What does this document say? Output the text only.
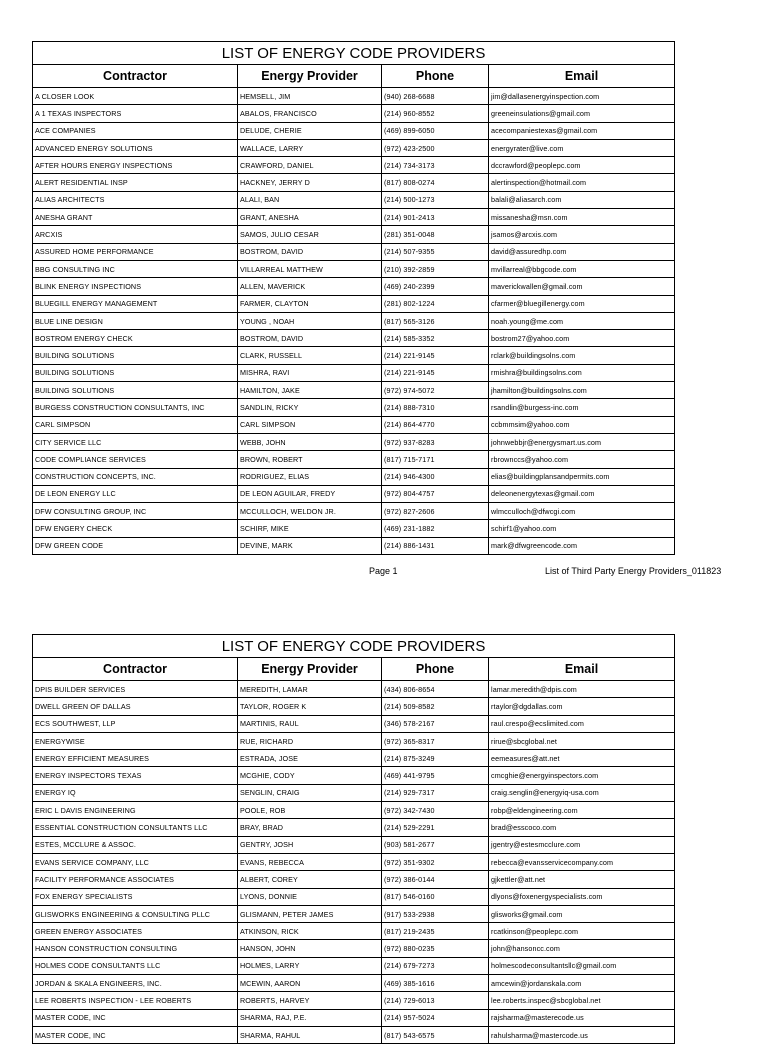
LIST OF ENERGY CODE PROVIDERS			
Contractor	Energy Provider	Phone	Email
A CLOSER LOOK	HEMSELL, JIM	(940) 268-6688	jim@dallasenergyinspection.com
A 1 TEXAS INSPECTORS	ABALOS, FRANCISCO	(214) 960-8552	greeneinsulations@gmail.com
ACE COMPANIES	DELUDE, CHERIE	(469) 899-6050	acecompaniestexas@gmail.com
ADVANCED ENERGY SOLUTIONS	WALLACE, LARRY	(972) 423-2500	energyrater@live.com
AFTER HOURS ENERGY INSPECTIONS	CRAWFORD, DANIEL	(214) 734-3173	dccrawford@peoplepc.com
ALERT RESIDENTIAL INSP	HACKNEY, JERRY D	(817) 808-0274	alertinspection@hotmail.com
ALIAS ARCHITECTS	ALALI, BAN	(214) 500-1273	balali@aliasarch.com
ANESHA GRANT	GRANT, ANESHA	(214) 901-2413	missanesha@msn.com
ARCXIS	SAMOS, JULIO CESAR	(281) 351-0048	jsamos@arcxis.com
ASSURED HOME PERFORMANCE	BOSTROM, DAVID	(214) 507-9355	david@assuredhp.com
BBG CONSULTING INC	VILLARREAL MATTHEW	(210) 392-2859	mvillarreal@bbgcode.com
BLINK ENERGY INSPECTIONS	ALLEN, MAVERICK	(469) 240-2399	maverickwallen@gmail.com
BLUEGILL ENERGY MANAGEMENT	FARMER, CLAYTON	(281) 802-1224	cfarmer@bluegillenergy.com
BLUE LINE DESIGN	YOUNG , NOAH	(817) 565-3126	noah.young@me.com
BOSTROM ENERGY CHECK	BOSTROM, DAVID	(214) 585-3352	bostrom27@yahoo.com
BUILDING SOLUTIONS	CLARK, RUSSELL	(214) 221-9145	rclark@buildingsolns.com
BUILDING SOLUTIONS	MISHRA, RAVI	(214) 221-9145	rmishra@buildingsolns.com
BUILDING SOLUTIONS	HAMILTON, JAKE	(972) 974-5072	jhamilton@buildingsolns.com
BURGESS CONSTRUCTION CONSULTANTS, INC	SANDLIN, RICKY	(214) 888-7310	rsandlin@burgess-inc.com
CARL SIMPSON	CARL SIMPSON	(214) 864-4770	ccbmmsim@yahoo.com
CITY SERVICE LLC	WEBB, JOHN	(972) 937-8283	johnwebbjr@energysmart.us.com
CODE COMPLIANCE SERVICES	BROWN, ROBERT	(817) 715-7171	rbrownccs@yahoo.com
CONSTRUCTION CONCEPTS, INC.	RODRIGUEZ, ELIAS	(214) 946-4300	elias@buildingplansandpermits.com
DE LEON ENERGY LLC	DE LEON AGUILAR, FREDY	(972) 804-4757	deleonenergytexas@gmail.com
DFW CONSULTING GROUP, INC	MCCULLOCH, WELDON JR.	(972) 827-2606	wlmcculloch@dfwcgi.com
DFW ENGERY CHECK	SCHIRF, MIKE	(469) 231-1882	schirf1@yahoo.com
DFW GREEN CODE	DEVINE, MARK	(214) 886-1431	mark@dfwgreencode.com
Page 1	List of Third Party Energy Providers_011823
LIST OF ENERGY CODE PROVIDERS			
Contractor	Energy Provider	Phone	Email
DPIS BUILDER SERVICES	MEREDITH, LAMAR	(434) 806-8654	lamar.meredith@dpis.com
DWELL GREEN OF DALLAS	TAYLOR, ROGER K	(214) 509-8582	rtaylor@dgdallas.com
ECS SOUTHWEST, LLP	MARTINIS, RAUL	(346) 578-2167	raul.crespo@ecslimited.com
ENERGYWISE	RUE, RICHARD	(972) 365-8317	rirue@sbcglobal.net
ENERGY EFFICIENT MEASURES	ESTRADA, JOSE	(214) 875-3249	eemeasures@att.net
ENERGY INSPECTORS TEXAS	MCGHIE, CODY	(469) 441-9795	cmcghie@energyinspectors.com
ENERGY IQ	SENGLIN, CRAIG	(214) 929-7317	craig.senglin@energyiq-usa.com
ERIC L DAVIS ENGINEERING	POOLE, ROB	(972) 342-7430	robp@eldengineering.com
ESSENTIAL CONSTRUCTION CONSULTANTS LLC	BRAY, BRAD	(214) 529-2291	brad@esscoco.com
ESTES, MCCLURE & ASSOC.	GENTRY, JOSH	(903) 581-2677	jgentry@estesmcclure.com
EVANS SERVICE COMPANY, LLC	EVANS, REBECCA	(972) 351-9302	rebecca@evansservicecompany.com
FACILITY PERFORMANCE ASSOCIATES	ALBERT, COREY	(972) 386-0144	gjkettler@att.net
FOX ENERGY SPECIALISTS	LYONS, DONNIE	(817) 546-0160	dlyons@foxenergyspecialists.com
GLISWORKS ENGINEERING & CONSULTING PLLC	GLISMANN, PETER JAMES	(917) 533-2938	glisworks@gmail.com
GREEN ENERGY ASSOCIATES	ATKINSON, RICK	(817) 219-2435	rcatkinson@peoplepc.com
HANSON CONSTRUCTION CONSULTING	HANSON, JOHN	(972) 880-0235	john@hansoncc.com
HOLMES CODE CONSULTANTS LLC	HOLMES, LARRY	(214) 679-7273	holmescodeconsultantsllc@gmail.com
JORDAN & SKALA ENGINEERS, INC.	MCEWIN, AARON	(469) 385-1616	amcewin@jordanskala.com
LEE ROBERTS INSPECTION - LEE ROBERTS	ROBERTS, HARVEY	(214) 729-6013	lee.roberts.inspec@sbcglobal.net
MASTER CODE, INC	SHARMA, RAJ, P.E.	(214) 957-5024	rajsharma@masterecode.us
MASTER CODE, INC	SHARMA, RAHUL	(817) 543-6575	rahulsharma@mastercode.us
